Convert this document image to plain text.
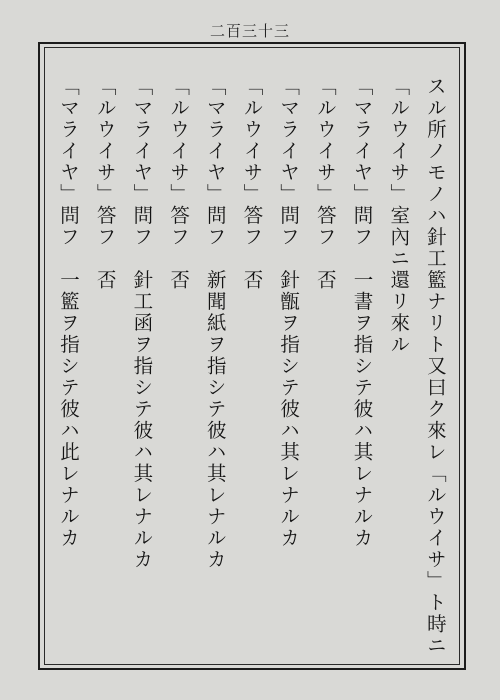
二百三十三
スル所ノモノハ針工籃ナリト又曰ク來レ「ルウイサ」ト時ニ
「ルウイサ」室內ニ還リ來ル
「マライヤ」問フ　一書ヲ指シテ彼ハ其レナルカ
「ルウイサ」答フ　否
「マライヤ」問フ　針甑ヲ指シテ彼ハ其レナルカ
「ルウイサ」答フ　否
「マライヤ」問フ　新聞紙ヲ指シテ彼ハ其レナルカ
「ルウイサ」答フ　否
「マライヤ」問フ　針工函ヲ指シテ彼ハ其レナルカ
「ルウイサ」答フ　否
「マライヤ」問フ　一籃ヲ指シテ彼ハ此レナルカ
